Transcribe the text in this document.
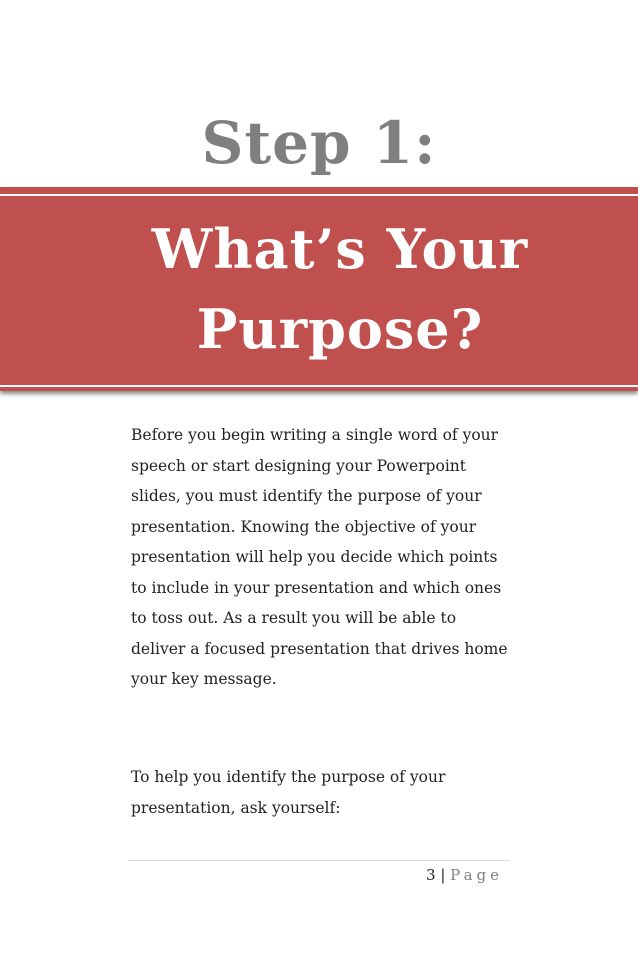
Step 1:
What’s Your Purpose?
Before you begin writing a single word of your speech or start designing your Powerpoint slides, you must identify the purpose of your presentation. Knowing the objective of your presentation will help you decide which points to include in your presentation and which ones to toss out. As a result you will be able to deliver a focused presentation that drives home your key message.
To help you identify the purpose of your presentation, ask yourself:
3 | Page
